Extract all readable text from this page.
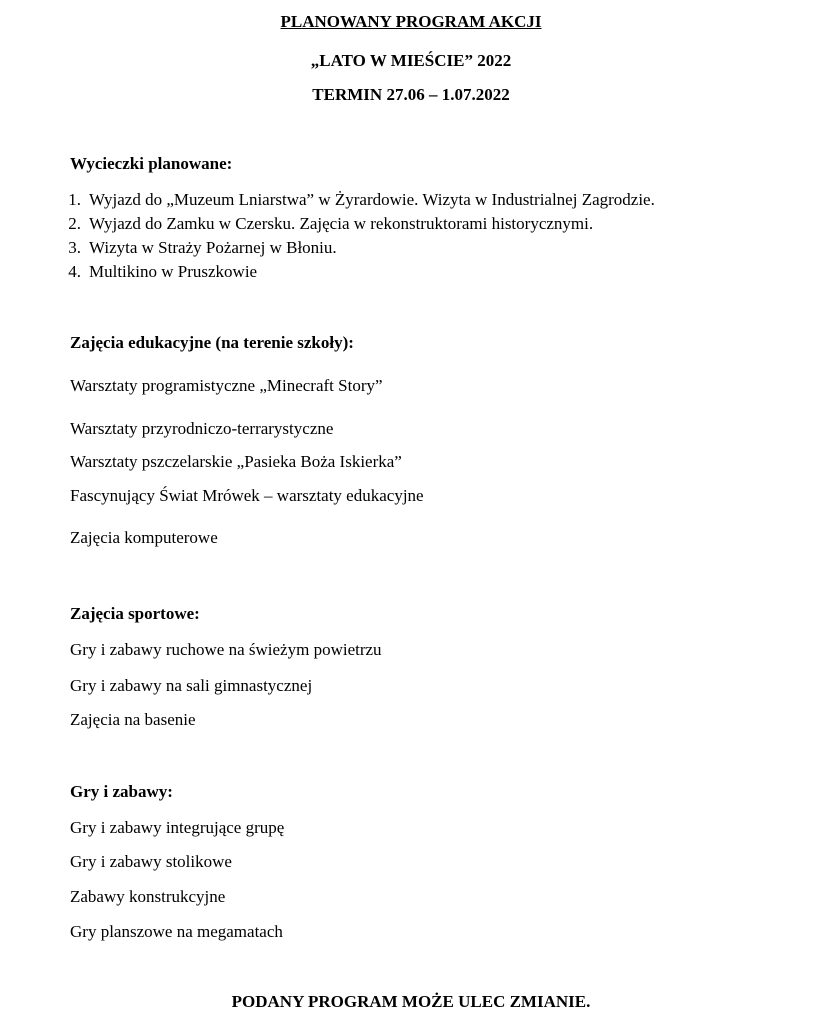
PLANOWANY PROGRAM AKCJI
„LATO W MIEŚCIE” 2022
TERMIN 27.06 – 1.07.2022
Wycieczki planowane:
1. Wyjazd do „Muzeum Lniarstwa” w Żyrardowie. Wizyta w Industrialnej Zagrodzie.
2. Wyjazd do Zamku w Czersku. Zajęcia w rekonstruktorami historycznymi.
3. Wizyta w Straży Pożarnej w Błoniu.
4. Multikino w Pruszkowie
Zajęcia edukacyjne (na terenie szkoły):
Warsztaty programistyczne „Minecraft Story”
Warsztaty przyrodniczo-terrarystyczne
Warsztaty pszczelarskie „Pasieka Boża Iskierka”
Fascynujący Świat Mrówek – warsztaty edukacyjne
Zajęcia komputerowe
Zajęcia sportowe:
Gry i zabawy ruchowe na świeżym powietrzu
Gry i zabawy na sali gimnastycznej
Zajęcia na basenie
Gry i zabawy:
Gry i zabawy integrujące grupę
Gry i zabawy stolikowe
Zabawy konstrukcyjne
Gry planszowe na megamatach
PODANY PROGRAM MOŻE ULEC ZMIANIE.
